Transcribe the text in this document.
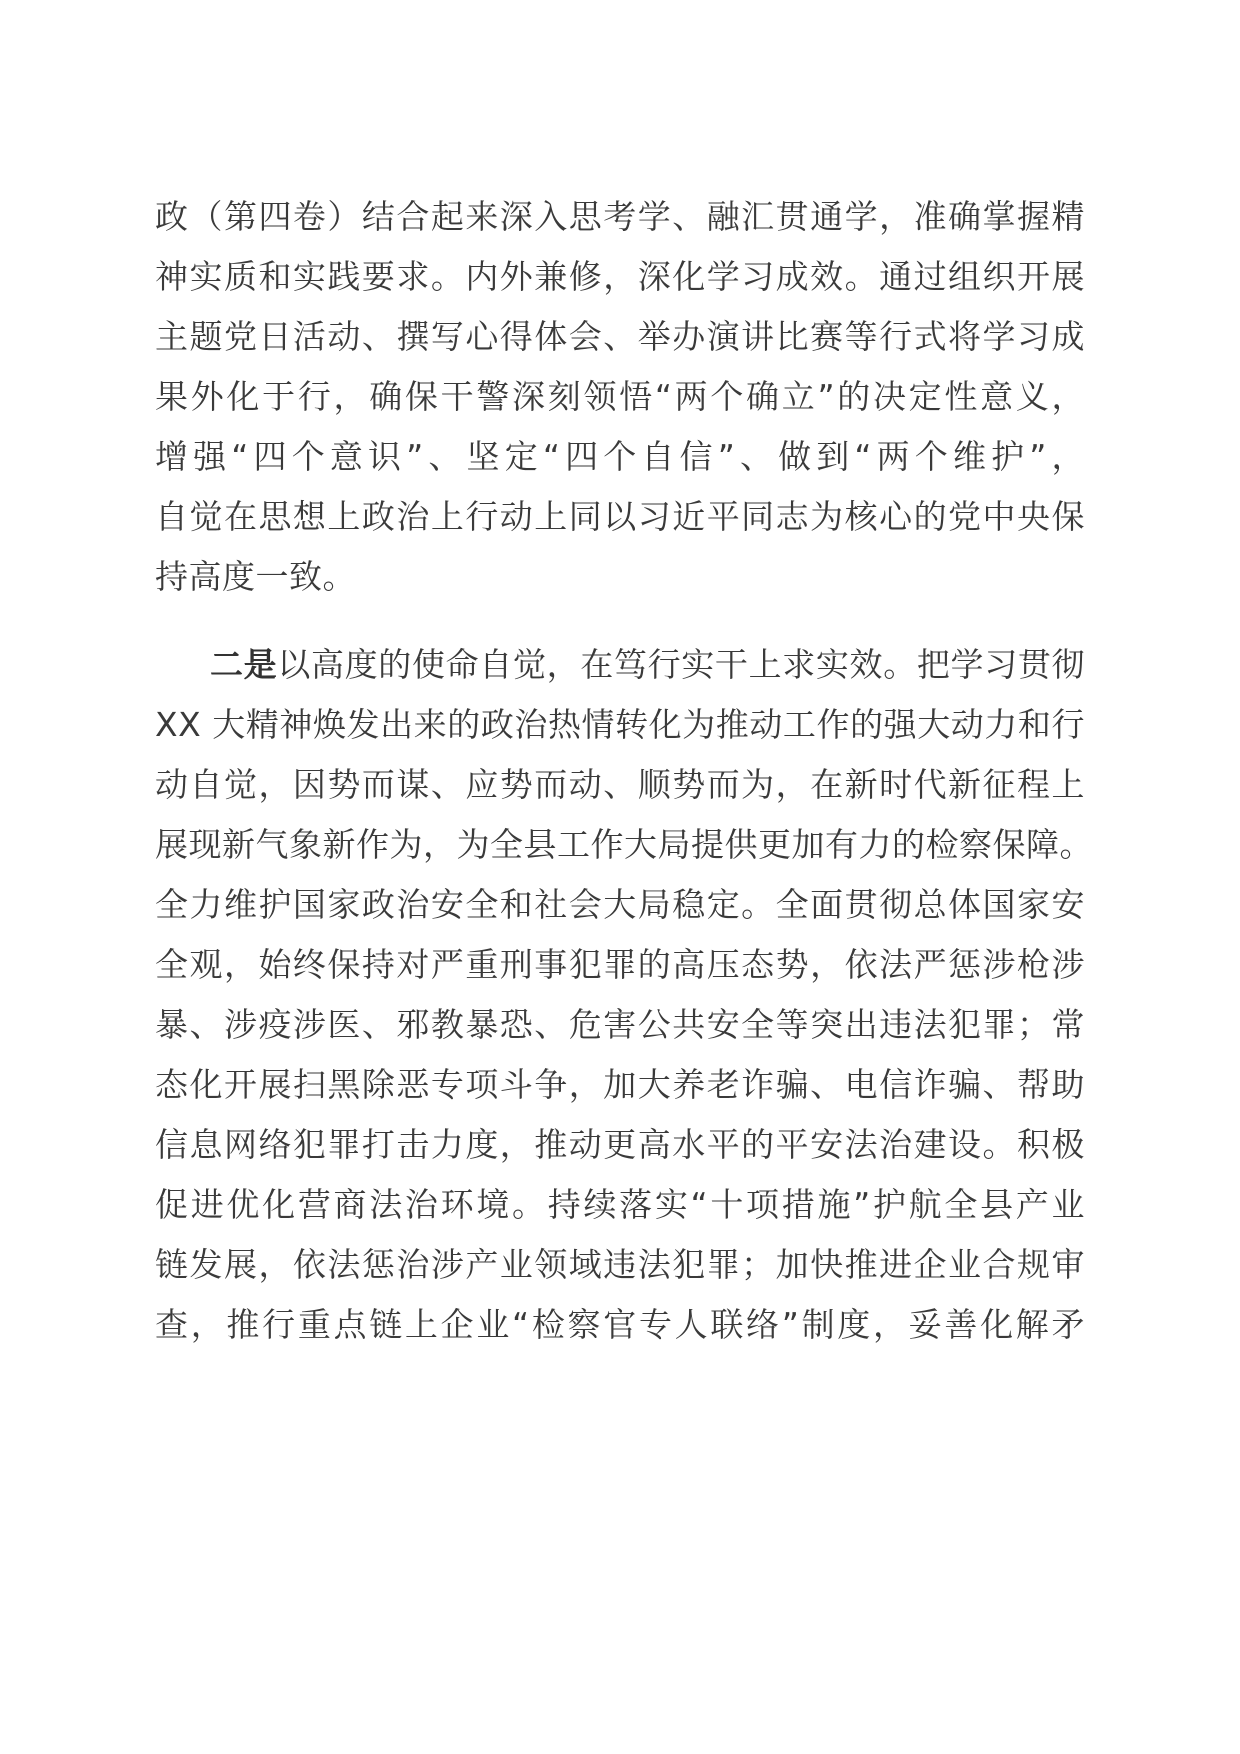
政（第四卷）结合起来深入思考学、融汇贯通学，准确掌握精
神实质和实践要求。内外兼修，深化学习成效。通过组织开展
主题党日活动、撰写心得体会、举办演讲比赛等行式将学习成
果外化于行，确保干警深刻领悟“两个确立”的决定性意义，
增强“四个意识”、坚定“四个自信”、做到“两个维护”，
自觉在思想上政治上行动上同以习近平同志为核心的党中央保
持高度一致。
二是以高度的使命自觉，在笃行实干上求实效。把学习贯彻
XX 大精神焕发出来的政治热情转化为推动工作的强大动力和行
动自觉，因势而谋、应势而动、顺势而为，在新时代新征程上
展现新气象新作为，为全县工作大局提供更加有力的检察保障。
全力维护国家政治安全和社会大局稳定。全面贯彻总体国家安
全观，始终保持对严重刑事犯罪的高压态势，依法严惩涉枪涉
暴、涉疫涉医、邪教暴恐、危害公共安全等突出违法犯罪；常
态化开展扫黑除恶专项斗争，加大养老诈骗、电信诈骗、帮助
信息网络犯罪打击力度，推动更高水平的平安法治建设。积极
促进优化营商法治环境。持续落实“十项措施”护航全县产业
链发展，依法惩治涉产业领域违法犯罪；加快推进企业合规审
查，推行重点链上企业“检察官专人联络”制度，妥善化解矛
